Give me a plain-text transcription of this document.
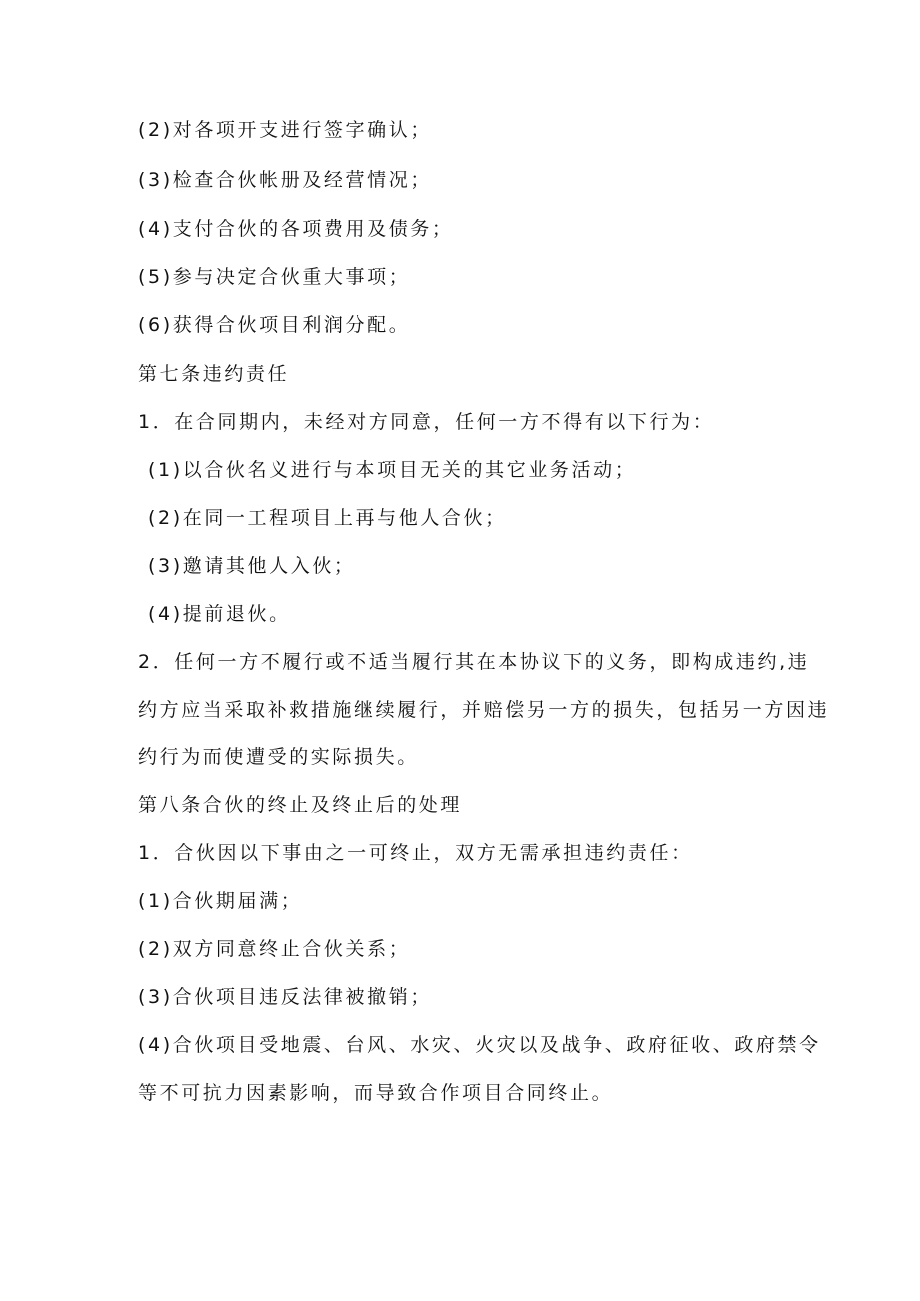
(2)对各项开支进行签字确认；
(3)检查合伙帐册及经营情况；
(4)支付合伙的各项费用及债务；
(5)参与决定合伙重大事项；
(6)获得合伙项目利润分配。
第七条违约责任
1．在合同期内，未经对方同意，任何一方不得有以下行为：
(1)以合伙名义进行与本项目无关的其它业务活动；
(2)在同一工程项目上再与他人合伙；
(3)邀请其他人入伙；
(4)提前退伙。
2．任何一方不履行或不适当履行其在本协议下的义务，即构成违约,违
约方应当采取补救措施继续履行，并赔偿另一方的损失，包括另一方因违
约行为而使遭受的实际损失。
第八条合伙的终止及终止后的处理
1．合伙因以下事由之一可终止，双方无需承担违约责任：
(1)合伙期届满；
(2)双方同意终止合伙关系；
(3)合伙项目违反法律被撤销；
(4)合伙项目受地震、台风、水灾、火灾以及战争、政府征收、政府禁令
等不可抗力因素影响，而导致合作项目合同终止。
